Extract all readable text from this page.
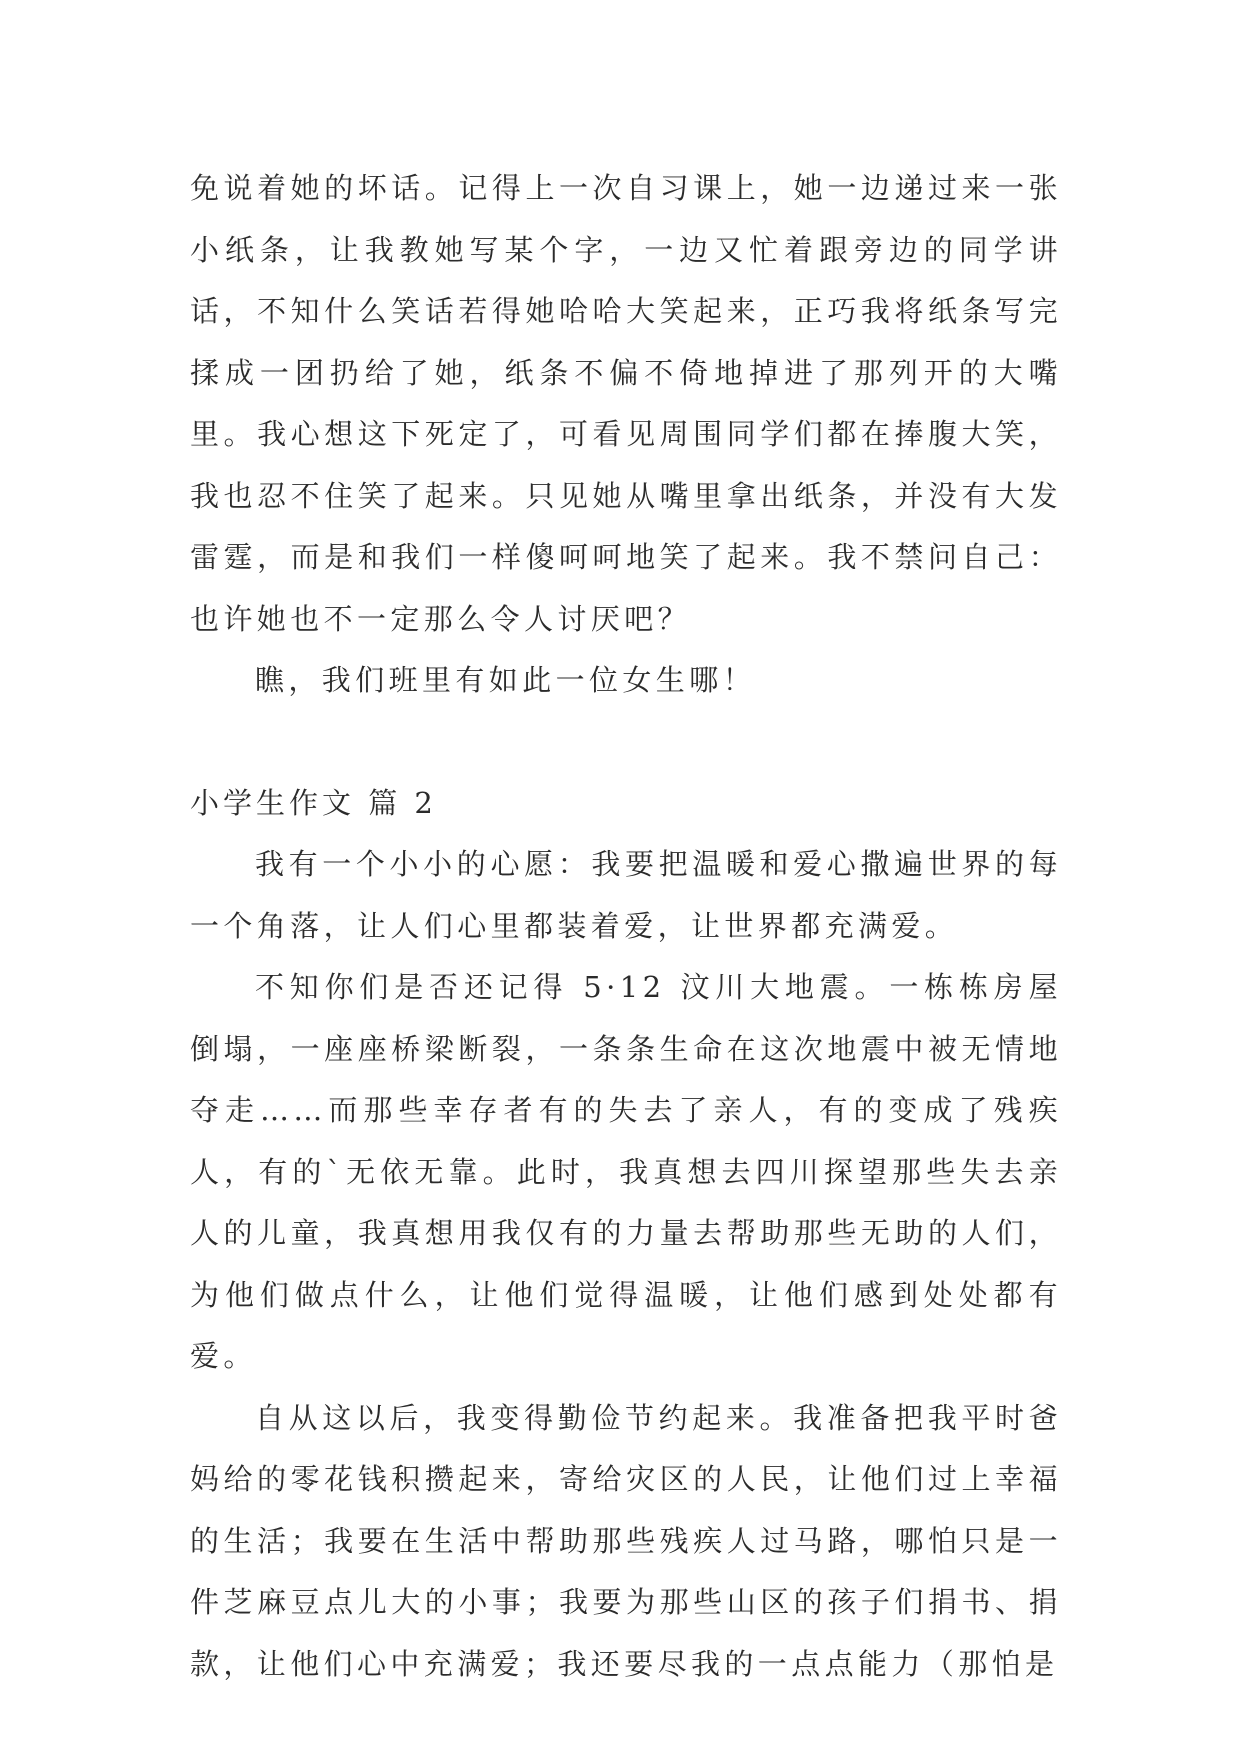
免说着她的坏话。记得上一次自习课上，她一边递过来一张小纸条，让我教她写某个字，一边又忙着跟旁边的同学讲话，不知什么笑话若得她哈哈大笑起来，正巧我将纸条写完揉成一团扔给了她，纸条不偏不倚地掉进了那列开的大嘴里。我心想这下死定了，可看见周围同学们都在捧腹大笑，我也忍不住笑了起来。只见她从嘴里拿出纸条，并没有大发雷霆，而是和我们一样傻呵呵地笑了起来。我不禁问自己：也许她也不一定那么令人讨厌吧？

瞧，我们班里有如此一位女生哪！

小学生作文 篇 2

我有一个小小的心愿：我要把温暖和爱心撒遍世界的每一个角落，让人们心里都装着爱，让世界都充满爱。

不知你们是否还记得 5·12 汶川大地震。一栋栋房屋倒塌，一座座桥梁断裂，一条条生命在这次地震中被无情地夺走……而那些幸存者有的失去了亲人，有的变成了残疾人，有的`无依无靠。此时，我真想去四川探望那些失去亲人的儿童，我真想用我仅有的力量去帮助那些无助的人们，为他们做点什么，让他们觉得温暖，让他们感到处处都有爱。

自从这以后，我变得勤俭节约起来。我准备把我平时爸妈给的零花钱积攒起来，寄给灾区的人民，让他们过上幸福的生活；我要在生活中帮助那些残疾人过马路，哪怕只是一件芝麻豆点儿大的小事；我要为那些山区的孩子们捐书、捐款，让他们心中充满爱；我还要尽我的一点点能力（那怕是
